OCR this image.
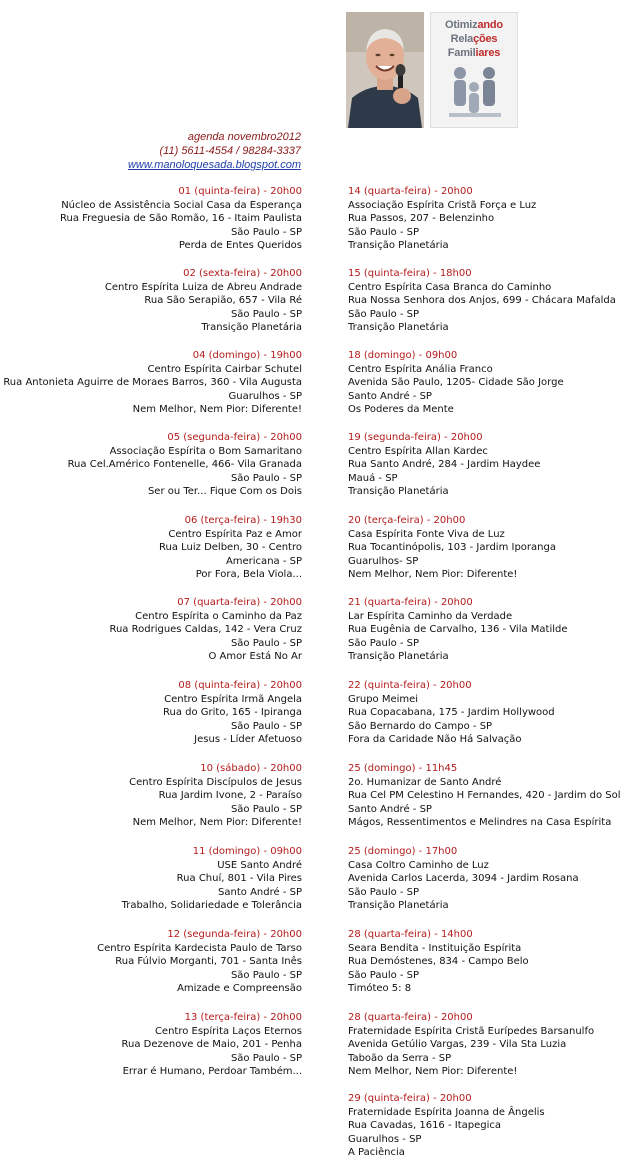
Otimizando
Relações
Familiares
agenda novembro2012
(11) 5611-4554 / 98284-3337
www.manoloquesada.blogspot.com
01 (quinta-feira) - 20h00
Núcleo de Assistência Social Casa da Esperança
Rua Freguesia de São Romão, 16 - Itaim Paulista
São Paulo - SP
Perda de Entes Queridos
02 (sexta-feira) - 20h00
Centro Espírita Luiza de Abreu Andrade
Rua São Serapião, 657 - Vila Ré
São Paulo - SP
Transição Planetária
04 (domingo) - 19h00
Centro Espírita Cairbar Schutel
Rua Antonieta Aguirre de Moraes Barros, 360 - Vila Augusta
Guarulhos - SP
Nem Melhor, Nem Pior: Diferente!
05 (segunda-feira) - 20h00
Associação Espírita o Bom Samaritano
Rua Cel.Américo Fontenelle, 466- Vila Granada
São Paulo - SP
Ser ou Ter... Fique Com os Dois
06 (terça-feira) - 19h30
Centro Espírita Paz e Amor
Rua Luiz Delben, 30 - Centro
Americana - SP
Por Fora, Bela Viola...
07 (quarta-feira) - 20h00
Centro Espírita o Caminho da Paz
Rua Rodrigues Caldas, 142 - Vera Cruz
São Paulo - SP
O Amor Está No Ar
08 (quinta-feira) - 20h00
Centro Espírita Irmã Angela
Rua do Grito, 165 - Ipiranga
São Paulo - SP
Jesus - Líder Afetuoso
10 (sábado) - 20h00
Centro Espírita Discípulos de Jesus
Rua Jardim Ivone, 2 - Paraíso
São Paulo - SP
Nem Melhor, Nem Pior: Diferente!
11 (domingo) - 09h00
USE Santo André
Rua Chuí, 801 - Vila Pires
Santo André - SP
Trabalho, Solidariedade e Tolerância
12 (segunda-feira) - 20h00
Centro Espírita Kardecista Paulo de Tarso
Rua Fúlvio Morganti, 701 - Santa Inês
São Paulo - SP
Amizade e Compreensão
13 (terça-feira) - 20h00
Centro Espírita Laços Eternos
Rua Dezenove de Maio, 201 - Penha
São Paulo - SP
Errar é Humano, Perdoar Também...
14 (quarta-feira) - 20h00
Associação Espírita Cristã Força e Luz
Rua Passos, 207 - Belenzinho
São Paulo - SP
Transição Planetária
15 (quinta-feira) - 18h00
Centro Espírita Casa Branca do Caminho
Rua Nossa Senhora dos Anjos, 699 - Chácara Mafalda
São Paulo - SP
Transição Planetária
18 (domingo) - 09h00
Centro Espírita Anália Franco
Avenida São Paulo, 1205- Cidade São Jorge
Santo André - SP
Os Poderes da Mente
19 (segunda-feira) - 20h00
Centro Espírita Allan Kardec
Rua Santo André, 284 - Jardim Haydee
Mauá - SP
Transição Planetária
20 (terça-feira) - 20h00
Casa Espírita Fonte Viva de Luz
Rua Tocantinópolis, 103 - Jardim Iporanga
Guarulhos- SP
Nem Melhor, Nem Pior: Diferente!
21 (quarta-feira) - 20h00
Lar Espírita Caminho da Verdade
Rua Eugênia de Carvalho, 136 - Vila Matilde
São Paulo - SP
Transição Planetária
22 (quinta-feira) - 20h00
Grupo Meimei
Rua Copacabana, 175 - Jardim Hollywood
São Bernardo do Campo - SP
Fora da Caridade Não Há Salvação
25 (domingo) - 11h45
2o. Humanizar de Santo André
Rua Cel PM Celestino H Fernandes, 420 - Jardim do Sol
Santo André - SP
Mágos, Ressentimentos e Melindres na Casa Espírita
25 (domingo) - 17h00
Casa Coltro Caminho de Luz
Avenida Carlos Lacerda, 3094 - Jardim Rosana
São Paulo - SP
Transição Planetária
28 (quarta-feira) - 14h00
Seara Bendita - Instituição Espírita
Rua Demóstenes, 834 - Campo Belo
São Paulo - SP
Timóteo 5: 8
28 (quarta-feira) - 20h00
Fraternidade Espírita Cristã Eurípedes Barsanulfo
Avenida Getúlio Vargas, 239 - Vila Sta Luzia
Taboão da Serra - SP
Nem Melhor, Nem Pior: Diferente!
29 (quinta-feira) - 20h00
Fraternidade Espírita Joanna de Ângelis
Rua Cavadas, 1616 - Itapegica
Guarulhos - SP
A Paciência
